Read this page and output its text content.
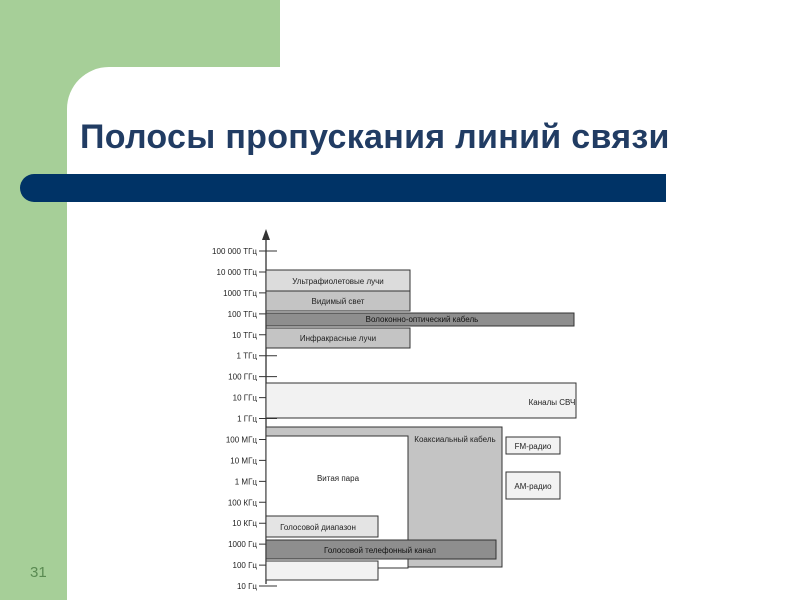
Полосы пропускания линий связи
31
100 000 ТГц
10 000 ТГц
1000 ТГц
100 ТГц
10 ТГц
1 ТГц
100 ГГц
10 ГГц
1 ГГц
100 МГц
10 МГц
1 МГц
100 КГц
10 КГц
1000 Гц
100 Гц
10 Гц
Ультрафиолетовые лучи
Видимый свет
Волоконно-оптический кабель
Инфракрасные лучи
Каналы СВЧ
Коаксиальный кабель
FM-радио
АМ-радио
Витая пара
Голосовой диапазон
Голосовой телефонный канал
